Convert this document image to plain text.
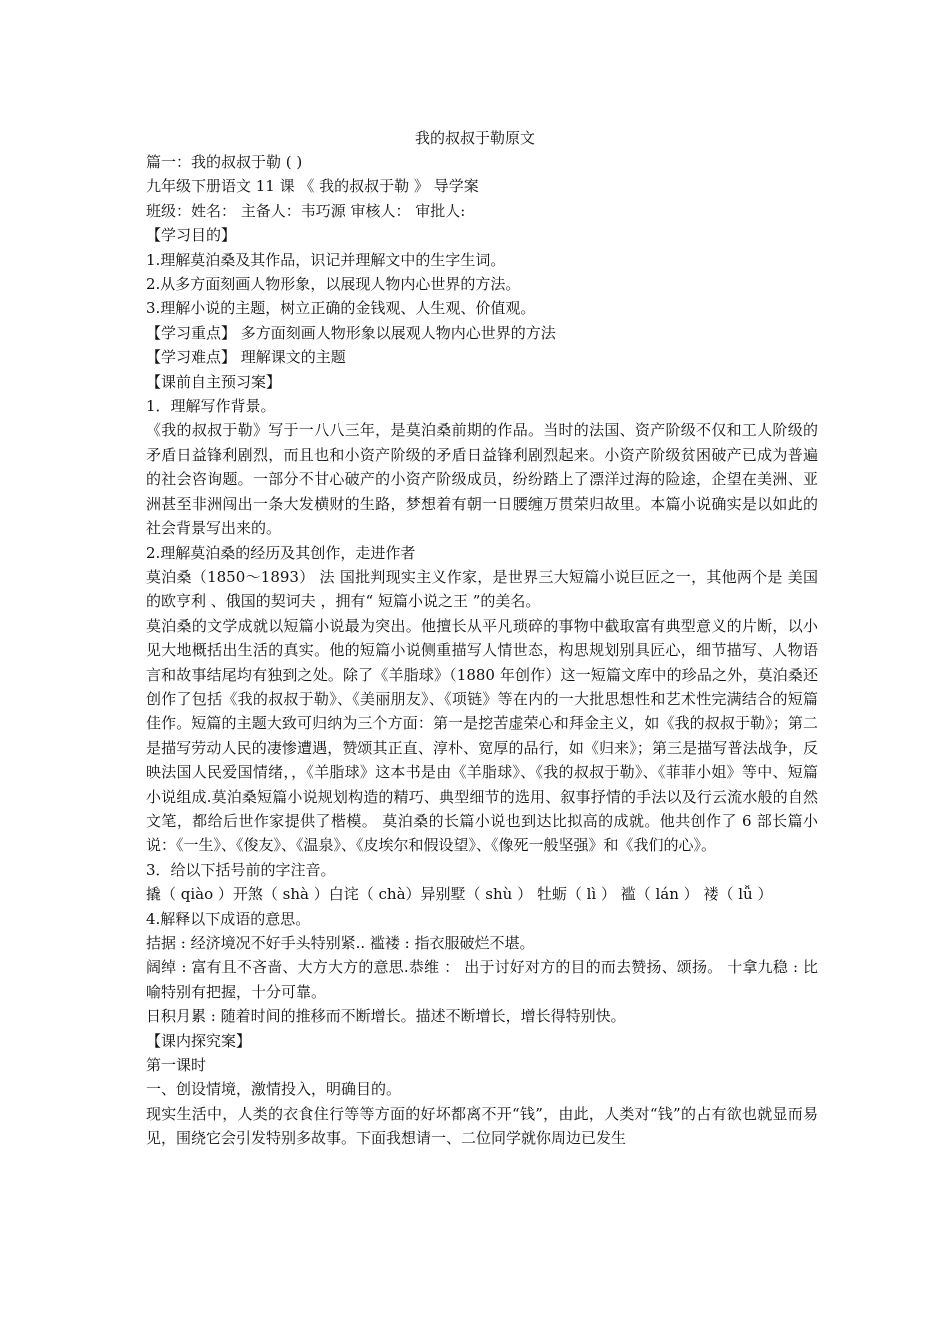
我的叔叔于勒原文

篇一：我的叔叔于勒 ( )

九年级下册语文 11 课 《 我的叔叔于勒 》 导学案

班级：姓名： 主备人：韦巧源 审核人： 审批人:

【学习目的】

1.理解莫泊桑及其作品，识记并理解文中的生字生词。

2.从多方面刻画人物形象，以展现人物内心世界的方法。

3.理解小说的主题，树立正确的金钱观、人生观、价值观。

【学习重点】 多方面刻画人物形象以展观人物内心世界的方法

【学习难点】 理解课文的主题

【课前自主预习案】

1．理解写作背景。

《我的叔叔于勒》写于一八八三年，是莫泊桑前期的作品。当时的法国、资产阶级不仅和工人阶级的矛盾日益锋利剧烈，而且也和小资产阶级的矛盾日益锋利剧烈起来。小资产阶级贫困破产已成为普遍的社会咨询题。一部分不甘心破产的小资产阶级成员，纷纷踏上了漂洋过海的险途，企望在美洲、亚洲甚至非洲闯出一条大发横财的生路，梦想着有朝一日腰缠万贯荣归故里。本篇小说确实是以如此的社会背景写出来的。

2.理解莫泊桑的经历及其创作，走进作者

莫泊桑（1850～1893） 法 国批判现实主义作家，是世界三大短篇小说巨匠之一，其他两个是 美国的欧亨利 、俄国的契诃夫 ，拥有“ 短篇小说之王 ”的美名。

莫泊桑的文学成就以短篇小说最为突出。他擅长从平凡琐碎的事物中截取富有典型意义的片断，以小见大地概括出生活的真实。他的短篇小说侧重描写人情世态，构思规划别具匠心，细节描写、人物语言和故事结尾均有独到之处。除了《羊脂球》（1880 年创作）这一短篇文库中的珍品之外，莫泊桑还创作了包括《我的叔叔于勒》、《美丽朋友》、《项链》等在内的一大批思想性和艺术性完满结合的短篇佳作。短篇的主题大致可归纳为三个方面：第一是挖苦虚荣心和拜金主义，如《我的叔叔于勒》；第二是描写劳动人民的凄惨遭遇，赞颂其正直、淳朴、宽厚的品行，如《归来》；第三是描写普法战争，反映法国人民爱国情绪，，《羊脂球》这本书是由《羊脂球》、《我的叔叔于勒》、《菲菲小姐》等中、短篇小说组成.莫泊桑短篇小说规划构造的精巧、典型细节的选用、叙事抒情的手法以及行云流水般的自然文笔，都给后世作家提供了楷模。 莫泊桑的长篇小说也到达比拟高的成就。他共创作了 6 部长篇小说：《一生》、《俊友》、《温泉》、《皮埃尔和假设望》、《像死一般坚强》和《我们的心》。

3．给以下括号前的字注音。

撬（ qiào ）开煞（ shà ）白诧（ chà）异别墅（ shù ） 牡蛎（ lì ） 褴（ lán ） 褛（ lǚ ）

4.解释以下成语的意思。

拮据 : 经济境况不好手头特别紧.. 褴褛 : 指衣服破烂不堪。

阔绰 : 富有且不吝啬、大方大方的意思.恭维 ： 出于讨好对方的目的而去赞扬、颂扬。 十拿九稳 : 比喻特别有把握，十分可靠。

日积月累 : 随着时间的推移而不断增长。描述不断增长，增长得特别快。

【课内探究案】

第一课时

一、创设情境，激情投入，明确目的。

现实生活中，人类的衣食住行等等方面的好坏都离不开“钱”，由此，人类对“钱”的占有欲也就显而易见，围绕它会引发特别多故事。下面我想请一、二位同学就你周边已发生
